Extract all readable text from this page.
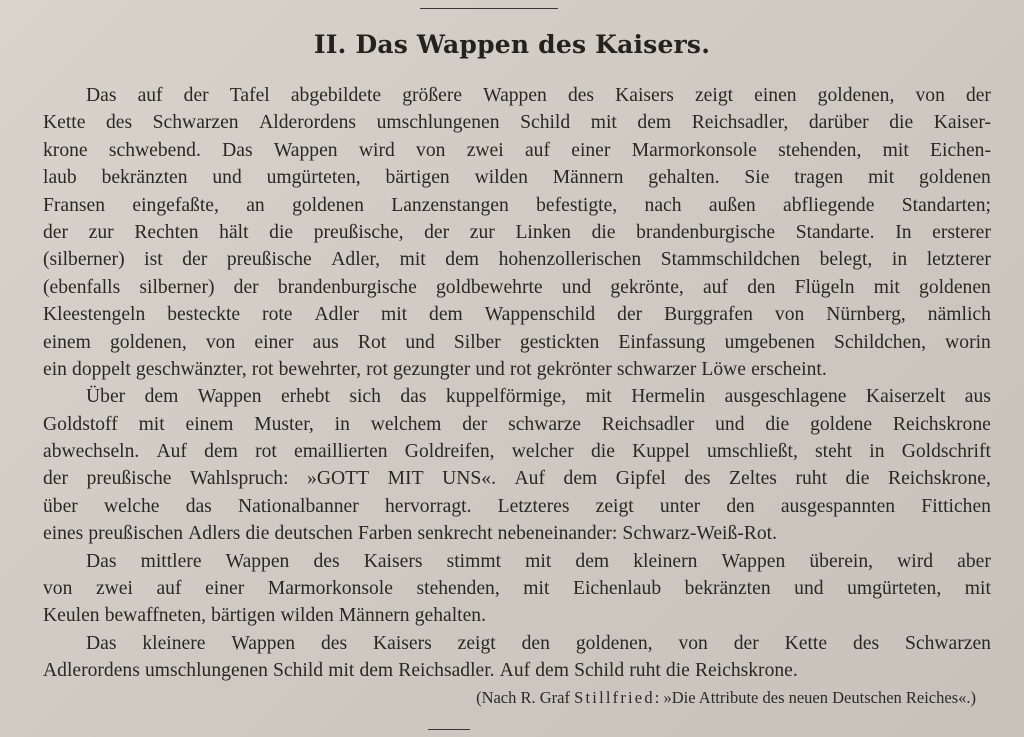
II. Das Wappen des Kaisers.
Das auf der Tafel abgebildete größere Wappen des Kaisers zeigt einen goldenen, von der
Kette des Schwarzen Alderordens umschlungenen Schild mit dem Reichsadler, darüber die Kaiser-
krone schwebend. Das Wappen wird von zwei auf einer Marmorkonsole stehenden, mit Eichen-
laub bekränzten und umgürteten, bärtigen wilden Männern gehalten. Sie tragen mit goldenen
Fransen eingefaßte, an goldenen Lanzenstangen befestigte, nach außen abfliegende Standarten;
der zur Rechten hält die preußische, der zur Linken die brandenburgische Standarte. In ersterer
(silberner) ist der preußische Adler, mit dem hohenzollerischen Stammschildchen belegt, in letzterer
(ebenfalls silberner) der brandenburgische goldbewehrte und gekrönte, auf den Flügeln mit goldenen
Kleestengeln besteckte rote Adler mit dem Wappenschild der Burggrafen von Nürnberg, nämlich
einem goldenen, von einer aus Rot und Silber gestickten Einfassung umgebenen Schildchen, worin
ein doppelt geschwänzter, rot bewehrter, rot gezungter und rot gekrönter schwarzer Löwe erscheint.
Über dem Wappen erhebt sich das kuppelförmige, mit Hermelin ausgeschlagene Kaiserzelt aus
Goldstoff mit einem Muster, in welchem der schwarze Reichsadler und die goldene Reichskrone
abwechseln. Auf dem rot emaillierten Goldreifen, welcher die Kuppel umschließt, steht in Goldschrift
der preußische Wahlspruch: »GOTT MIT UNS«. Auf dem Gipfel des Zeltes ruht die Reichskrone,
über welche das Nationalbanner hervorragt. Letzteres zeigt unter den ausgespannten Fittichen
eines preußischen Adlers die deutschen Farben senkrecht nebeneinander: Schwarz-Weiß-Rot.
Das mittlere Wappen des Kaisers stimmt mit dem kleinern Wappen überein, wird aber
von zwei auf einer Marmorkonsole stehenden, mit Eichenlaub bekränzten und umgürteten, mit
Keulen bewaffneten, bärtigen wilden Männern gehalten.
Das kleinere Wappen des Kaisers zeigt den goldenen, von der Kette des Schwarzen
Adlerordens umschlungenen Schild mit dem Reichsadler. Auf dem Schild ruht die Reichskrone.
(Nach R. Graf Stillfried: »Die Attribute des neuen Deutschen Reiches«.)
